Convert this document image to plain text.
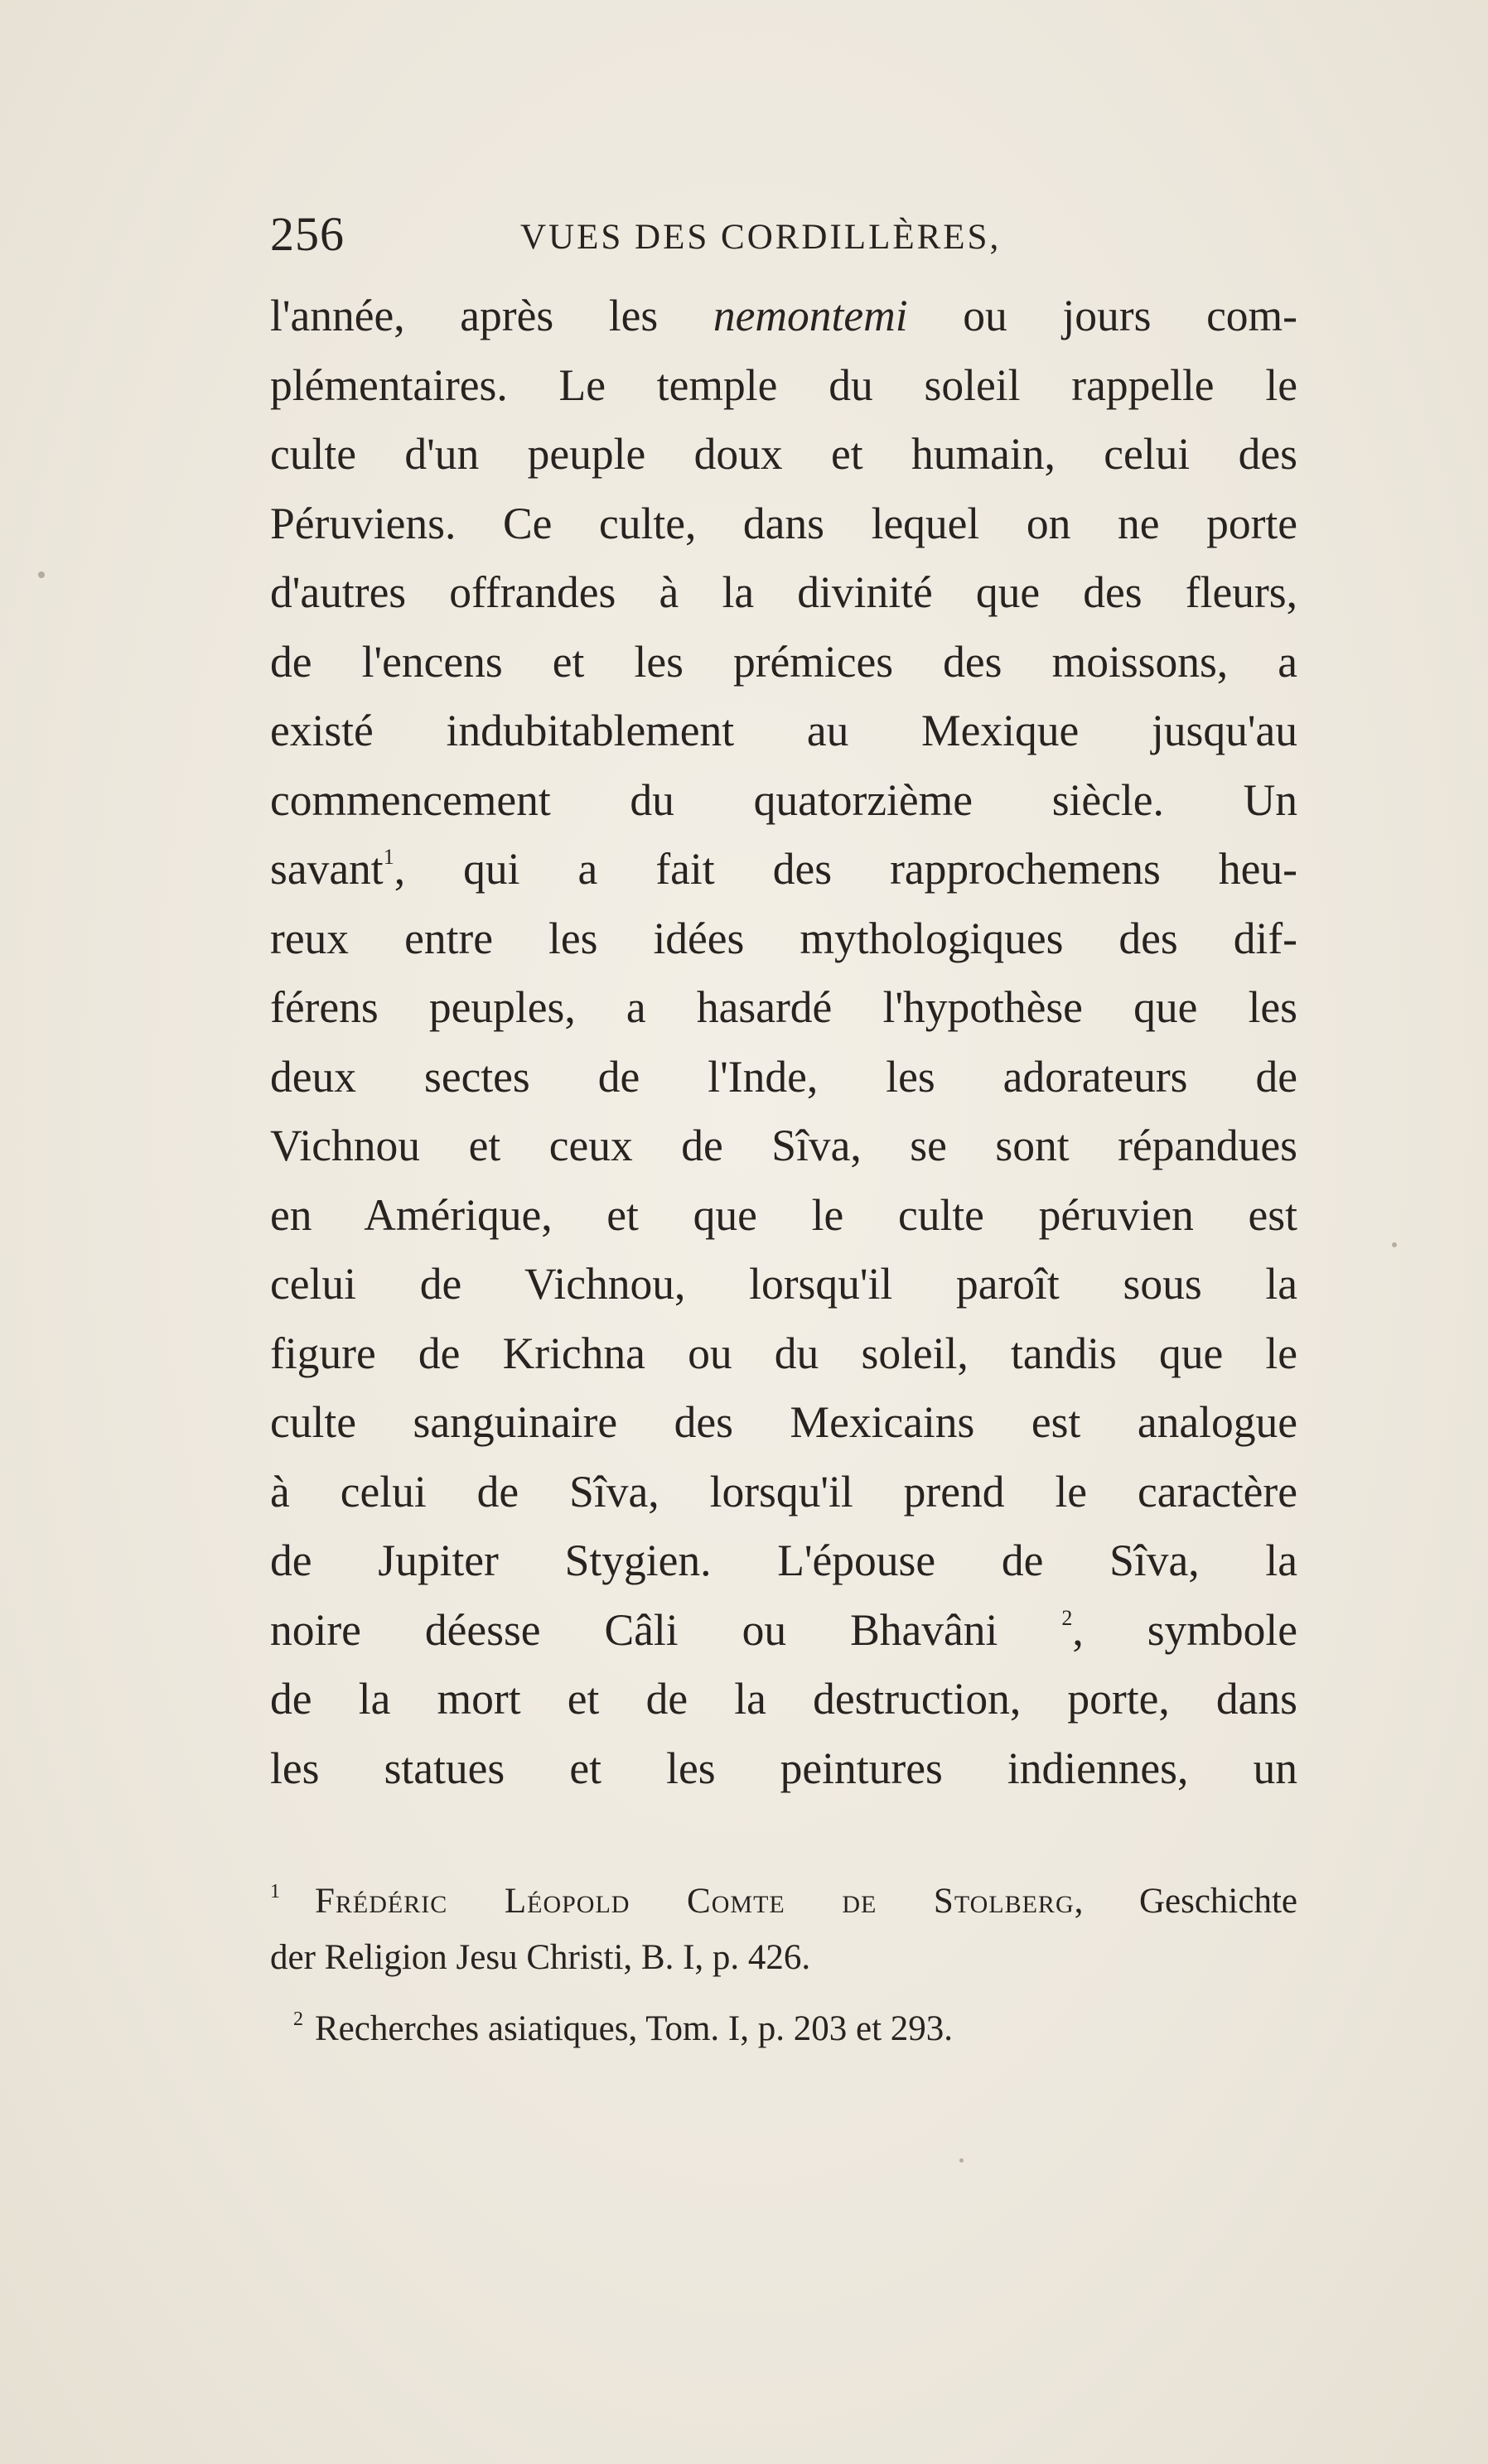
256	VUES DES CORDILLÈRES,
l'année, après les nemontemi ou jours com-
plémentaires. Le temple du soleil rappelle le
culte d'un peuple doux et humain, celui des
Péruviens. Ce culte, dans lequel on ne porte
d'autres offrandes à la divinité que des fleurs,
de l'encens et les prémices des moissons, a
existé indubitablement au Mexique jusqu'au
commencement du quatorzième siècle. Un
savant$^1$, qui a fait des rapprochemens heu-
reux entre les idées mythologiques des dif-
férens peuples, a hasardé l'hypothèse que les
deux sectes de l'Inde, les adorateurs de
Vichnou et ceux de Sîva, se sont répandues
en Amérique, et que le culte péruvien est
celui de Vichnou, lorsqu'il paroît sous la
figure de Krichna ou du soleil, tandis que le
culte sanguinaire des Mexicains est analogue
à celui de Sîva, lorsqu'il prend le caractère
de Jupiter Stygien. L'épouse de Sîva, la
noire déesse Câli ou Bhavâni $^2$, symbole
de la mort et de la destruction, porte, dans
les statues et les peintures indiennes, un
1 Frédéric Léopold Comte de Stolberg, Geschichte
der Religion Jesu Christi, B. I, p. 426.
2 Recherches asiatiques, Tom. I, p. 203 et 293.
